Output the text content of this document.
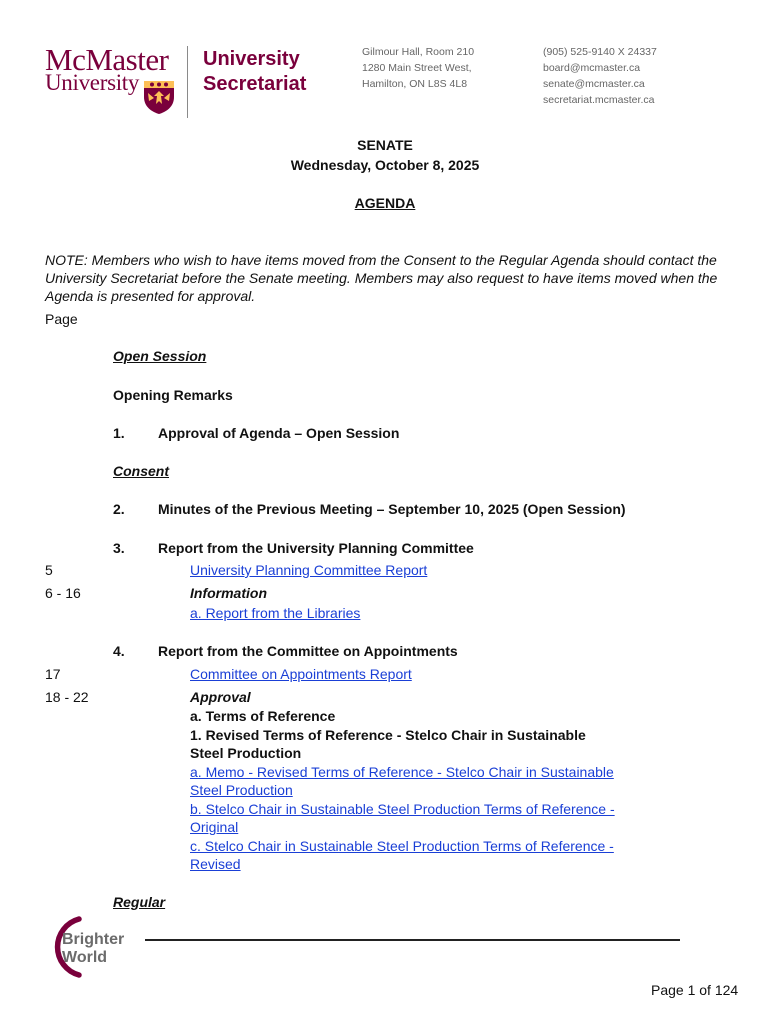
McMaster
University
University
Secretariat
Gilmour Hall, Room 210
1280 Main Street West,
Hamilton, ON L8S 4L8
(905) 525-9140 X 24337
board@mcmaster.ca
senate@mcmaster.ca
secretariat.mcmaster.ca
SENATE
Wednesday, October 8, 2025
AGENDA
NOTE: Members who wish to have items moved from the Consent to the Regular Agenda should contact the University Secretariat before the Senate meeting. Members may also request to have items moved when the Agenda is presented for approval.
Page
Open Session
Opening Remarks
1. Approval of Agenda – Open Session
Consent
2. Minutes of the Previous Meeting – September 10, 2025 (Open Session)
3. Report from the University Planning Committee
5	University Planning Committee Report
6 - 16	Information
a. Report from the Libraries
4. Report from the Committee on Appointments
17	Committee on Appointments Report
18 - 22	Approval
a. Terms of Reference
1. Revised Terms of Reference - Stelco Chair in Sustainable
Steel Production
a. Memo - Revised Terms of Reference - Stelco Chair in Sustainable
Steel Production
b. Stelco Chair in Sustainable Steel Production Terms of Reference -
Original
c. Stelco Chair in Sustainable Steel Production Terms of Reference -
Revised
Regular
Brighter
World
Page 1 of 124
